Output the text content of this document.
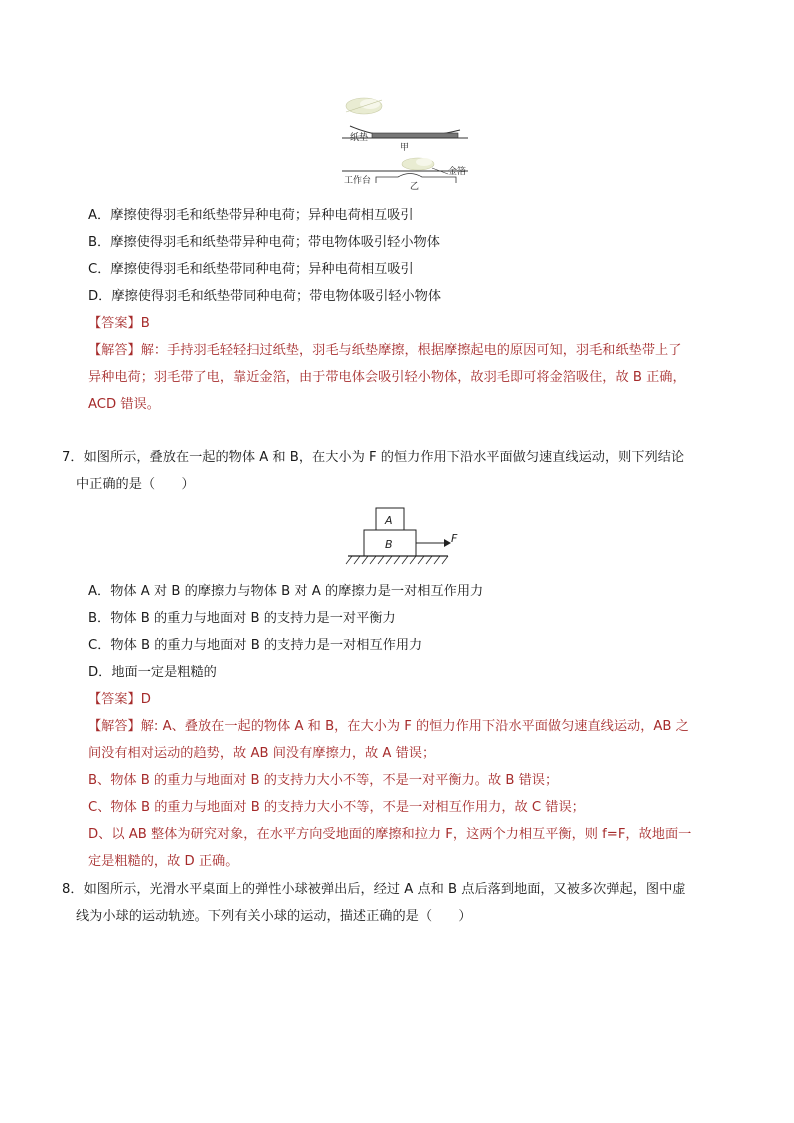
纸垫
甲
工作台
金箔
乙
A．摩擦使得羽毛和纸垫带异种电荷；异种电荷相互吸引
B．摩擦使得羽毛和纸垫带异种电荷；带电物体吸引轻小物体
C．摩擦使得羽毛和纸垫带同种电荷；异种电荷相互吸引
D．摩擦使得羽毛和纸垫带同种电荷；带电物体吸引轻小物体
【答案】B
【解答】解：手持羽毛轻轻扫过纸垫，羽毛与纸垫摩擦，根据摩擦起电的原因可知，羽毛和纸垫带上了
异种电荷；羽毛带了电，靠近金箔，由于带电体会吸引轻小物体，故羽毛即可将金箔吸住，故 B 正确，
ACD 错误。
7．如图所示，叠放在一起的物体 A 和 B，在大小为 F 的恒力作用下沿水平面做匀速直线运动，则下列结论
中正确的是（　　）
A
B	F
A．物体 A 对 B 的摩擦力与物体 B 对 A 的摩擦力是一对相互作用力
B．物体 B 的重力与地面对 B 的支持力是一对平衡力
C．物体 B 的重力与地面对 B 的支持力是一对相互作用力
D．地面一定是粗糙的
【答案】D
【解答】解: A、叠放在一起的物体 A 和 B，在大小为 F 的恒力作用下沿水平面做匀速直线运动，AB 之
间没有相对运动的趋势，故 AB 间没有摩擦力，故 A 错误；
B、物体 B 的重力与地面对 B 的支持力大小不等，不是一对平衡力。故 B 错误；
C、物体 B 的重力与地面对 B 的支持力大小不等，不是一对相互作用力，故 C 错误；
D、以 AB 整体为研究对象，在水平方向受地面的摩擦和拉力 F，这两个力相互平衡，则 f=F，故地面一
定是粗糙的，故 D 正确。
8．如图所示，光滑水平桌面上的弹性小球被弹出后，经过 A 点和 B 点后落到地面，又被多次弹起，图中虚
线为小球的运动轨迹。下列有关小球的运动，描述正确的是（　　）
